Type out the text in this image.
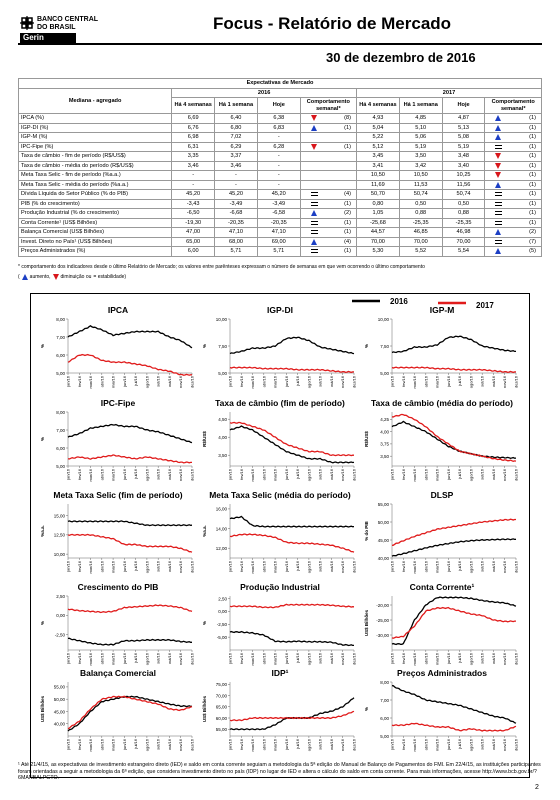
BANCO CENTRAL
DO BRASIL
Gerin
Focus - Relatório de Mercado
30 de dezembro de 2016
Expectativas de Mercado								
Mediana - agregado	2016				2017			
	Há 4 semanas	Há 1 semana	Hoje	Comportamento semanal*	Há 4 semanas	Há 1 semana	Hoje	Comportamento semanal*
IPCA (%)	6,69	6,40	6,38	(8)	4,93	4,85	4,87	(1)

IGP-DI (%)	6,76	6,80	6,83	(1)	5,04	5,10	5,13	(1)

IGP-M (%)	6,98	7,02	-		5,22	5,06	5,08	(1)

IPC-Fipe (%)	6,31	6,29	6,28	(1)	5,12	5,19	5,19	(1)

Taxa de câmbio - fim de período (R$/US$)	3,35	3,37	-		3,45	3,50	3,48	(1)

Taxa de câmbio - média do período (R$/US$)	3,46	3,46	-		3,41	3,42	3,40	(1)

Meta Taxa Selic - fim de período (%a.a.)	-	-	-		10,50	10,50	10,25	(1)

Meta Taxa Selic - média do período (%a.a.)	-	-	-		11,69	11,53	11,56	(1)

Dívida Líquida do Setor Público (% do PIB)	45,20	45,20	45,20	(4)	50,70	50,74	50,74	(1)

PIB (% do crescimento)	-3,43	-3,49	-3,49	(1)	0,80	0,50	0,50	(1)

Produção Industrial (% do crescimento)	-6,50	-6,68	-6,58	(2)	1,05	0,88	0,88	(1)

Conta Corrente¹ (US$ Bilhões)	-19,30	-20,35	-20,35	(1)	-25,68	-25,35	-25,35	(1)

Balança Comercial (US$ Bilhões)	47,00	47,10	47,10	(1)	44,57	46,85	46,98	(2)

Invest. Direto no País¹ (US$ Bilhões)	65,00	68,00	69,00	(4)	70,00	70,00	70,00	(7)

Preços Administrados (%)	6,00	5,71	5,71	(1)	5,30	5,52	5,54	(5)
* comportamento dos indicadores desde o último Relatório de Mercado; os valores entre parênteses expressam o número de semanas em que vem ocorrendo o último comportamento
( aumento, diminuição ou = estabilidade)
2016	2017
IPCA
5,00
6,00
7,00
8,00
%
jan/16 fev/16 mar/16 abr/16 mai/16 jun/16 jul/16 ago/16 set/16 out/16 nov/16 dez/16
IGP-DI
5,00
7,50
10,00
%
jan/16 fev/16 mar/16 abr/16 mai/16 jun/16 jul/16 ago/16 set/16 out/16 nov/16 dez/16
IGP-M
5,00
7,50
10,00
%
jan/16 fev/16 mar/16 abr/16 mai/16 jun/16 jul/16 ago/16 set/16 out/16 nov/16 dez/16
IPC-Fipe
5,00
6,00
7,00
8,00
%
jan/16 fev/16 mar/16 abr/16 mai/16 jun/16 jul/16 ago/16 set/16 out/16 nov/16 dez/16
Taxa de câmbio (fim de período)
3,50
4,00
4,50
R$/US$
jan/16 fev/16 mar/16 abr/16 mai/16 jun/16 jul/16 ago/16 set/16 out/16 nov/16 dez/16
Taxa de câmbio (média do período)
3,50
3,75
4,00
4,25
R$/US$
jan/16 fev/16 mar/16 abr/16 mai/16 jun/16 jul/16 ago/16 set/16 out/16 nov/16 dez/16
Meta Taxa Selic (fim de período)
10,00
12,50
15,00
%a.a.
jan/16 fev/16 mar/16 abr/16 mai/16 jun/16 jul/16 ago/16 set/16 out/16 nov/16 dez/16
Meta Taxa Selic (média do período)
12,00
14,00
16,00
%a.a.
jan/16 fev/16 mar/16 abr/16 mai/16 jun/16 jul/16 ago/16 set/16 out/16 nov/16 dez/16
DLSP
40,00
45,00
50,00
55,00
% do PIB
jan/16 fev/16 mar/16 abr/16 mai/16 jun/16 jul/16 ago/16 set/16 out/16 nov/16 dez/16
Crescimento do PIB
-2,50
0,00
2,50
%
jan/16 fev/16 mar/16 abr/16 mai/16 jun/16 jul/16 ago/16 set/16 out/16 nov/16 dez/16
Produção Industrial
-5,00
-2,50
0,00
2,50
%
jan/16 fev/16 mar/16 abr/16 mai/16 jun/16 jul/16 ago/16 set/16 out/16 nov/16 dez/16
Conta Corrente¹
-30,00
-25,00
-20,00
US$ Bilhões
jan/16 fev/16 mar/16 abr/16 mai/16 jun/16 jul/16 ago/16 set/16 out/16 nov/16 dez/16
Balança Comercial
40,00
45,00
50,00
55,00
US$ Bilhões
jan/16 fev/16 mar/16 abr/16 mai/16 jun/16 jul/16 ago/16 set/16 out/16 nov/16 dez/16
IDP¹
55,00
60,00
65,00
70,00
75,00
US$ Bilhões
jan/16 fev/16 mar/16 abr/16 mai/16 jun/16 jul/16 ago/16 set/16 out/16 nov/16 dez/16
Preços Administrados
5,00
6,00
7,00
8,00
%
jan/16 fev/16 mar/16 abr/16 mai/16 jun/16 jul/16 ago/16 set/16 out/16 nov/16 dez/16
¹ Até 21/4/15, as expectativas de investimento estrangeiro direto (IED) e saldo em conta corrente seguiam a metodologia da 5ª edição do Manual de Balanço de Pagamentos do FMI. Em 22/4/15, as instituições participantes foram orientadas a seguir a metodologia da 6ª edição, que considera investimento direto no país (IDP) no lugar de IED e altera o cálculo do saldo em conta corrente. Para mais informações, acesse http://www.bcb.gov.br/?6MANBALPGTO.
2
